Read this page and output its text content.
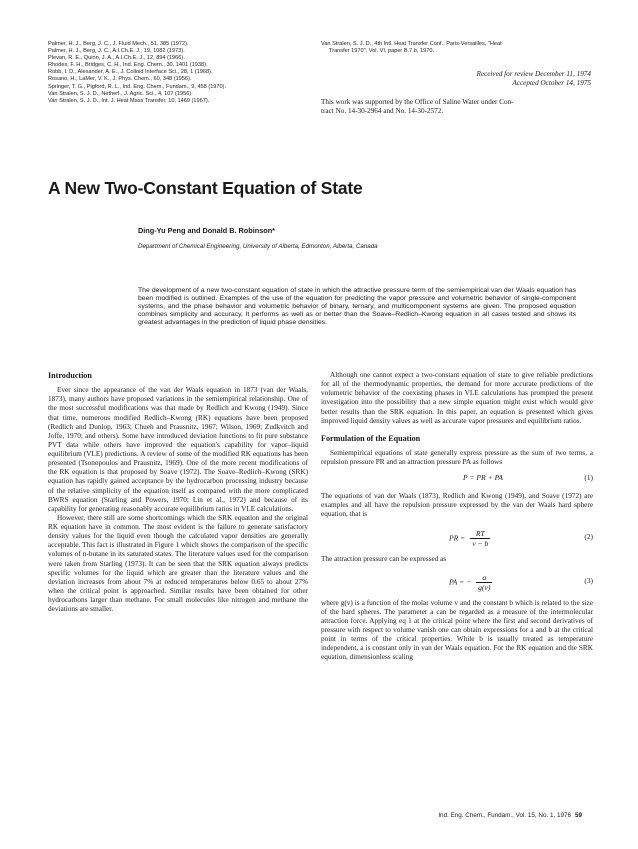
Palmer, H. J., Berg, J. C., J. Fluid Mech., 51, 385 (1972).
Palmer, H. J., Berg, J. C., A.I.Ch.E. J., 19, 1082 (1973).
Plevan, R. E., Quinn, J. A., A.I.Ch.E. J., 12, 894 (1966).
Rhodes, F. H., Bridges, C. H., Ind. Eng. Chem., 30, 1401 (1938).
Robb, I. D., Alexander, A. E., J. Colloid Interface Sci., 28, 1 (1968).
Rosano, H., LaMer, V. K., J. Phys. Chem., 60, 348 (1956).
Springer, T. G., Pigford, R. L., Ind. Eng. Chem., Fundam., 9, 458 (1970).
Van Stralen, S. J. D., Netherl., J. Agric. Sci., 4, 107 (1956).
Van Stralen, S. J. D., Int. J. Heat Mass Transfer, 10, 1469 (1967).
Van Stralen, S. J. D., 4th Intl. Heat Transfer Conf., Paris-Versailles, "Heat
Transfer 1970", Vol. VI, paper B.7.b, 1970.
Received for review December 11, 1974
Accepted October 14, 1975
This work was supported by the Office of Saline Water under Con-
tract No. 14-30-2964 and No. 14-30-2572.
A New Two-Constant Equation of State
Ding-Yu Peng and Donald B. Robinson*
Department of Chemical Engineering, University of Alberta, Edmonton, Alberta, Canada
The development of a new two-constant equation of state in which the attractive pressure term of the semiempirical van der Waals equation has been modified is outlined. Examples of the use of the equation for predicting the vapor pressure and volumetric behavior of single-component systems, and the phase behavior and volumetric behavior of binary, ternary, and multicomponent systems are given. The proposed equation combines simplicity and accuracy. It performs as well as or better than the Soave–Redlich–Kwong equation in all cases tested and shows its greatest advantages in the prediction of liquid phase densities.
Introduction

Ever since the appearance of the van der Waals equation in 1873 (van der Waals, 1873), many authors have proposed variations in the semiempirical relationship. One of the most successful modifications was that made by Redlich and Kwong (1949). Since that time, numerous modified Redlich–Kwong (RK) equations have been proposed (Redlich and Dunlop, 1963; Chueh and Prausnitz, 1967; Wilson, 1969; Zudkvitch and Joffe, 1970; and others). Some have introduced deviation functions to fit pure substance PVT data while others have improved the equation's capability for vapor–liquid equilibrium (VLE) predictions. A review of some of the modified RK equations has been presented (Tsonopoulos and Prausnitz, 1969). One of the more recent modifications of the RK equation is that proposed by Soave (1972). The Soave–Redlich–Kwong (SRK) equation has rapidly gained acceptance by the hydrocarbon processing industry because of the relative simplicity of the equation itself as compared with the more complicated BWRS equation (Starling and Powers, 1970; Lin et al., 1972) and because of its capability for generating reasonably accurate equilibrium ratios in VLE calculations.

However, there still are some shortcomings which the SRK equation and the original RK equation have in common. The most evident is the failure to generate satisfactory density values for the liquid even though the calculated vapor densities are generally acceptable. This fact is illustrated in Figure 1 which shows the comparison of the specific volumes of n-butane in its saturated states. The literature values used for the comparison were taken from Starling (1973). It can be seen that the SRK equation always predicts specific volumes for the liquid which are greater than the literature values and the deviation increases from about 7% at reduced temperatures below 0.65 to about 27% when the critical point is approached. Similar results have been obtained for other hydrocarbons larger than methane. For small molecules like nitrogen and methane the deviations are smaller.

Although one cannot expect a two-constant equation of state to give reliable predictions for all of the thermodynamic properties, the demand for more accurate predictions of the volumetric behavior of the coexisting phases in VLE calculations has prompted the present investigation into the possibility that a new simple equation might exist which would give better results than the SRK equation. In this paper, an equation is presented which gives improved liquid density values as well as accurate vapor pressures and equilibrium ratios.

Formulation of the Equation

Semiempirical equations of state generally express pressure as the sum of two terms, a repulsion pressure PR and an attraction pressure PA as follows

P = PR + PA	(1)

The equations of van der Waals (1873), Redlich and Kwong (1949), and Soave (1972) are examples and all have the repulsion pressure expressed by the van der Waals hard sphere equation, that is

PR = $\frac{RT}{v - b}$	(2)

The attraction pressure can be expressed as

PA = − $\frac{a}{g(v)}$	(3)

where g(v) is a function of the molar volume v and the constant b which is related to the size of the hard spheres. The parameter a can be regarded as a measure of the intermolecular attraction force. Applying eq 1 at the critical point where the first and second derivatives of pressure with respect to volume vanish one can obtain expressions for a and b at the critical point in terms of the critical properties. While b is usually treated as temperature independent, a is constant only in van der Waals equation. For the RK equation and the SRK equation, dimensionless scaling

Ind. Eng. Chem., Fundam., Vol. 15, No. 1, 1976 59
